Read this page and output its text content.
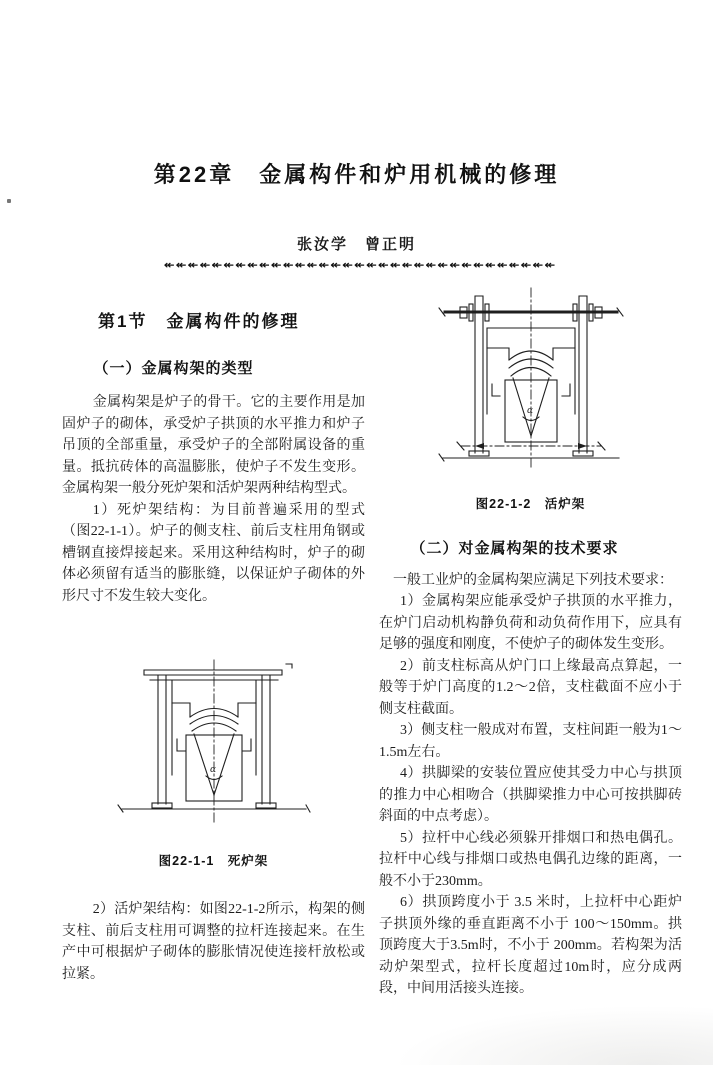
第22章　金属构件和炉用机械的修理
张汝学　曾正明
↞↞↞↞↞↞↞↞↞↞↞↞↞↞↞↞↞↞↞↞↞↞↞↞↞↞↞↞↞↞↞↞↞
第1节　金属构件的修理
（一）金属构架的类型

金属构架是炉子的骨干。它的主要作用是加固炉子的砌体，承受炉子拱顶的水平推力和炉子吊顶的全部重量，承受炉子的全部附属设备的重量。抵抗砖体的高温膨胀，使炉子不发生变形。金属构架一般分死炉架和活炉架两种结构型式。

1）死炉架结构：为目前普遍采用的型式（图22-1-1）。炉子的侧支柱、前后支柱用角钢或槽钢直接焊接起来。采用这种结构时，炉子的砌体必须留有适当的膨胀缝，以保证炉子砌体的外形尺寸不发生较大变化。

α
图22-1-1　死炉架

2）活炉架结构：如图22-1-2所示，构架的侧支柱、前后支柱用可调整的拉杆连接起来。在生产中可根据炉子砌体的膨胀情况使连接杆放松或拉紧。

α
图22-1-2　活炉架
（二）对金属构架的技术要求

一般工业炉的金属构架应满足下列技术要求：

1）金属构架应能承受炉子拱顶的水平推力，在炉门启动机构静负荷和动负荷作用下，应具有足够的强度和刚度，不使炉子的砌体发生变形。

2）前支柱标高从炉门口上缘最高点算起，一般等于炉门高度的1.2～2倍，支柱截面不应小于侧支柱截面。

3）侧支柱一般成对布置，支柱间距一般为1～1.5m左右。

4）拱脚梁的安装位置应使其受力中心与拱顶的推力中心相吻合（拱脚梁推力中心可按拱脚砖斜面的中点考虑）。

5）拉杆中心线必须躲开排烟口和热电偶孔。拉杆中心线与排烟口或热电偶孔边缘的距离，一般不小于230mm。

6）拱顶跨度小于 3.5 米时，上拉杆中心距炉子拱顶外缘的垂直距离不小于 100～150mm。拱顶跨度大于3.5m时，不小于 200mm。若构架为活动炉架型式，拉杆长度超过10m时，应分成两段，中间用活接头连接。
